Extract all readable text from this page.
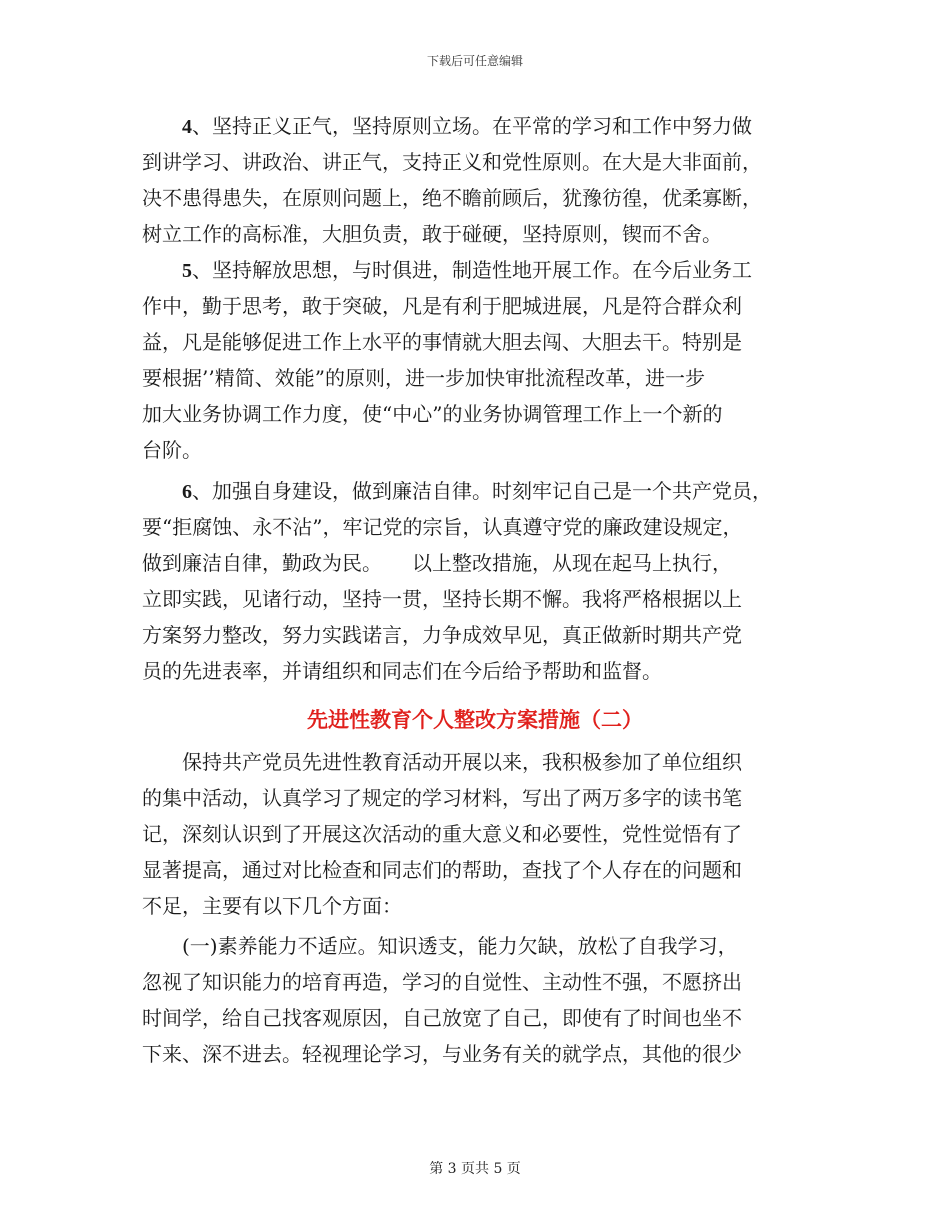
下载后可任意编辑
4、坚持正义正气，坚持原则立场。在平常的学习和工作中努力做
到讲学习、讲政治、讲正气，支持正义和党性原则。在大是大非面前，
决不患得患失，在原则问题上，绝不瞻前顾后，犹豫彷徨，优柔寡断，
树立工作的高标准，大胆负责，敢于碰硬，坚持原则，锲而不舍。
5、坚持解放思想，与时俱进，制造性地开展工作。在今后业务工
作中，勤于思考，敢于突破，凡是有利于肥城进展，凡是符合群众利
益，凡是能够促进工作上水平的事情就大胆去闯、大胆去干。特别是
要根据’’精简、效能”的原则，进一步加快审批流程改革，进一步
加大业务协调工作力度，使“中心”的业务协调管理工作上一个新的
台阶。
6、加强自身建设，做到廉洁自律。时刻牢记自己是一个共产党员，
要“拒腐蚀、永不沾”，牢记党的宗旨，认真遵守党的廉政建设规定，
做到廉洁自律，勤政为民。　　以上整改措施，从现在起马上执行，
立即实践，见诸行动，坚持一贯，坚持长期不懈。我将严格根据以上
方案努力整改，努力实践诺言，力争成效早见，真正做新时期共产党
员的先进表率，并请组织和同志们在今后给予帮助和监督。
先进性教育个人整改方案措施（二）
保持共产党员先进性教育活动开展以来，我积极参加了单位组织
的集中活动，认真学习了规定的学习材料，写出了两万多字的读书笔
记，深刻认识到了开展这次活动的重大意义和必要性，党性觉悟有了
显著提高，通过对比检查和同志们的帮助，查找了个人存在的问题和
不足，主要有以下几个方面：
(一)素养能力不适应。知识透支，能力欠缺，放松了自我学习，
忽视了知识能力的培育再造，学习的自觉性、主动性不强，不愿挤出
时间学，给自己找客观原因，自己放宽了自己，即使有了时间也坐不
下来、深不进去。轻视理论学习，与业务有关的就学点，其他的很少
第 3 页共 5 页
